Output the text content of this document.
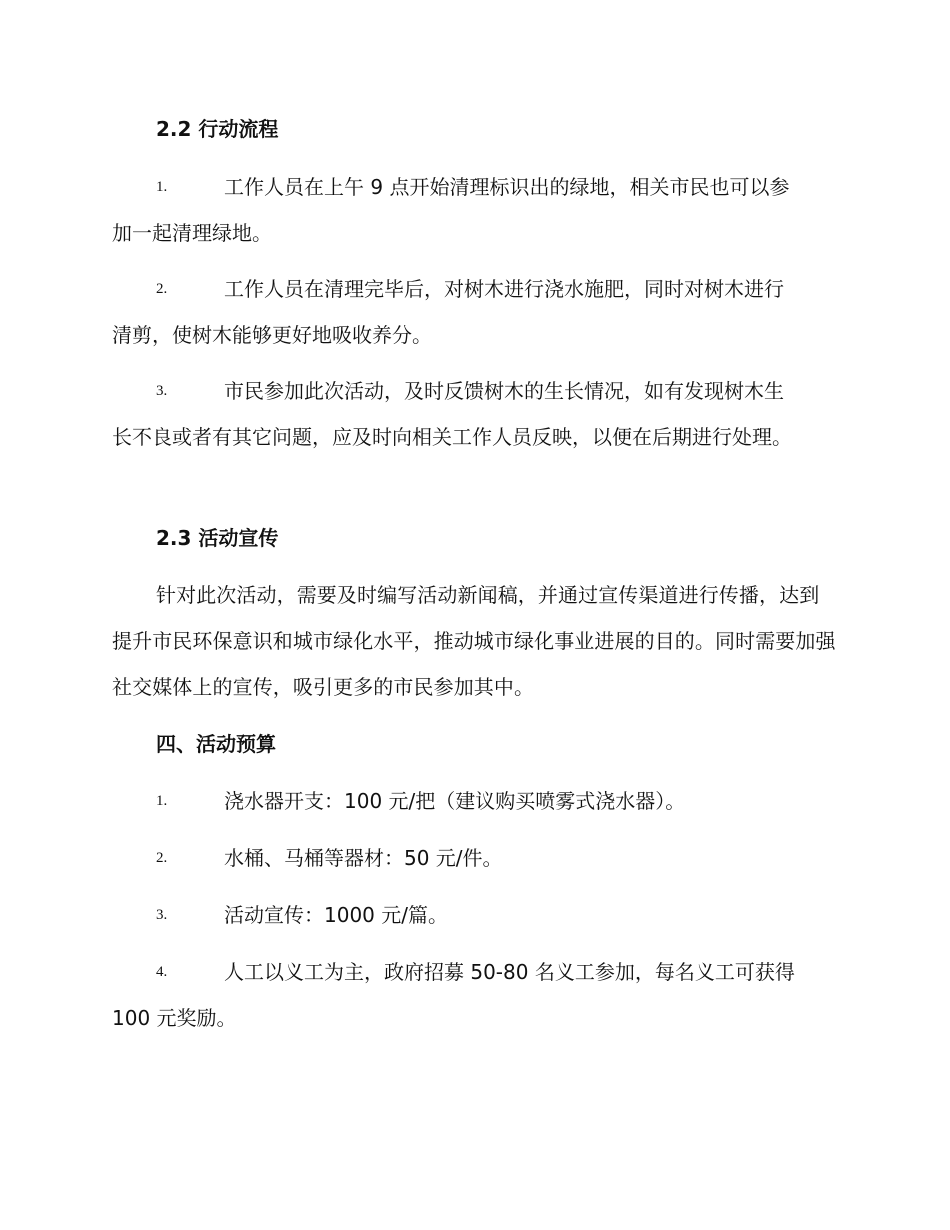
2.2 行动流程
1.	工作人员在上午 9 点开始清理标识出的绿地，相关市民也可以参
加一起清理绿地。
2.	工作人员在清理完毕后，对树木进行浇水施肥，同时对树木进行
清剪，使树木能够更好地吸收养分。
3.	市民参加此次活动，及时反馈树木的生长情况，如有发现树木生
长不良或者有其它问题，应及时向相关工作人员反映，以便在后期进行处理。
2.3 活动宣传
针对此次活动，需要及时编写活动新闻稿，并通过宣传渠道进行传播，达到提升市民环保意识和城市绿化水平，推动城市绿化事业进展的目的。同时需要加强社交媒体上的宣传，吸引更多的市民参加其中。
四、活动预算
1.	浇水器开支：100 元/把（建议购买喷雾式浇水器）。
2.	水桶、马桶等器材：50 元/件。
3.	活动宣传：1000 元/篇。
4.	人工以义工为主，政府招募 50-80 名义工参加，每名义工可获得
100 元奖励。
